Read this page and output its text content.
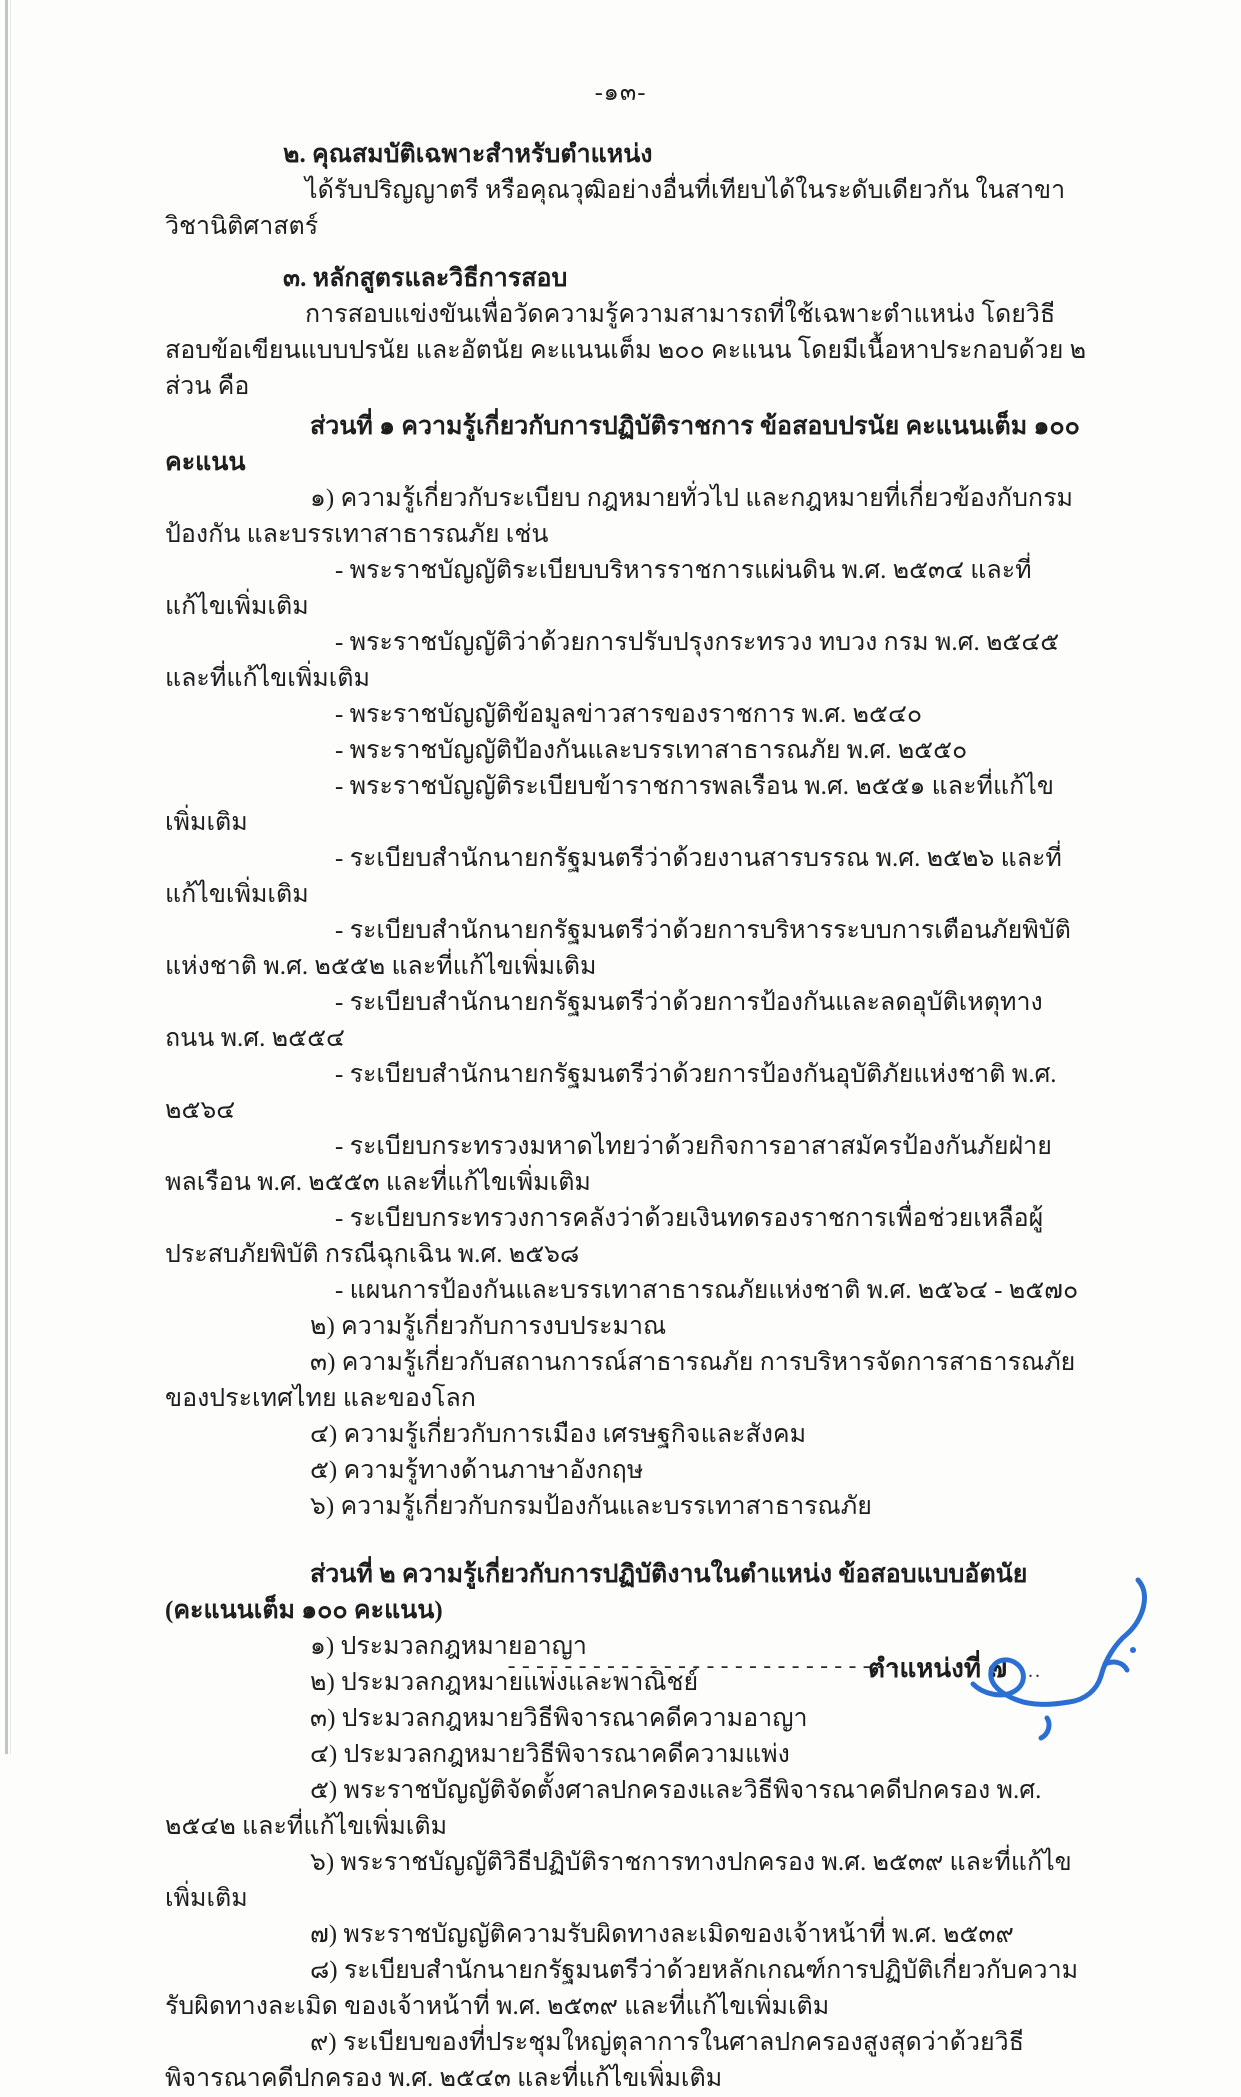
-๑๓-

๒. คุณสมบัติเฉพาะสำหรับตำแหน่ง

ได้รับปริญญาตรี หรือคุณวุฒิอย่างอื่นที่เทียบได้ในระดับเดียวกัน ในสาขาวิชานิติศาสตร์

๓. หลักสูตรและวิธีการสอบ

การสอบแข่งขันเพื่อวัดความรู้ความสามารถที่ใช้เฉพาะตำแหน่ง โดยวิธีสอบข้อเขียนแบบปรนัย และอัตนัย คะแนนเต็ม ๒๐๐ คะแนน โดยมีเนื้อหาประกอบด้วย ๒ ส่วน คือ

ส่วนที่ ๑ ความรู้เกี่ยวกับการปฏิบัติราชการ ข้อสอบปรนัย คะแนนเต็ม ๑๐๐ คะแนน

๑) ความรู้เกี่ยวกับระเบียบ กฎหมายทั่วไป และกฎหมายที่เกี่ยวข้องกับกรมป้องกัน และบรรเทาสาธารณภัย เช่น

- พระราชบัญญัติระเบียบบริหารราชการแผ่นดิน พ.ศ. ๒๕๓๔ และที่แก้ไขเพิ่มเติม

- พระราชบัญญัติว่าด้วยการปรับปรุงกระทรวง ทบวง กรม พ.ศ. ๒๕๔๕ และที่แก้ไขเพิ่มเติม

- พระราชบัญญัติข้อมูลข่าวสารของราชการ พ.ศ. ๒๕๔๐

- พระราชบัญญัติป้องกันและบรรเทาสาธารณภัย พ.ศ. ๒๕๕๐

- พระราชบัญญัติระเบียบข้าราชการพลเรือน พ.ศ. ๒๕๕๑ และที่แก้ไขเพิ่มเติม

- ระเบียบสำนักนายกรัฐมนตรีว่าด้วยงานสารบรรณ พ.ศ. ๒๕๒๖ และที่แก้ไขเพิ่มเติม

- ระเบียบสำนักนายกรัฐมนตรีว่าด้วยการบริหารระบบการเตือนภัยพิบัติแห่งชาติ พ.ศ. ๒๕๕๒ และที่แก้ไขเพิ่มเติม

- ระเบียบสำนักนายกรัฐมนตรีว่าด้วยการป้องกันและลดอุบัติเหตุทางถนน พ.ศ. ๒๕๕๔

- ระเบียบสำนักนายกรัฐมนตรีว่าด้วยการป้องกันอุบัติภัยแห่งชาติ พ.ศ. ๒๕๖๔

- ระเบียบกระทรวงมหาดไทยว่าด้วยกิจการอาสาสมัครป้องกันภัยฝ่ายพลเรือน พ.ศ. ๒๕๕๓ และที่แก้ไขเพิ่มเติม

- ระเบียบกระทรวงการคลังว่าด้วยเงินทดรองราชการเพื่อช่วยเหลือผู้ประสบภัยพิบัติ กรณีฉุกเฉิน พ.ศ. ๒๕๖๘

- แผนการป้องกันและบรรเทาสาธารณภัยแห่งชาติ พ.ศ. ๒๕๖๔ - ๒๕๗๐

๒) ความรู้เกี่ยวกับการงบประมาณ

๓) ความรู้เกี่ยวกับสถานการณ์สาธารณภัย การบริหารจัดการสาธารณภัยของประเทศไทย และของโลก

๔) ความรู้เกี่ยวกับการเมือง เศรษฐกิจและสังคม

๕) ความรู้ทางด้านภาษาอังกฤษ

๖) ความรู้เกี่ยวกับกรมป้องกันและบรรเทาสาธารณภัย

ส่วนที่ ๒ ความรู้เกี่ยวกับการปฏิบัติงานในตำแหน่ง ข้อสอบแบบอัตนัย (คะแนนเต็ม ๑๐๐ คะแนน)

๑) ประมวลกฎหมายอาญา

๒) ประมวลกฎหมายแพ่งและพาณิชย์

๓) ประมวลกฎหมายวิธีพิจารณาคดีความอาญา

๔) ประมวลกฎหมายวิธีพิจารณาคดีความแพ่ง

๕) พระราชบัญญัติจัดตั้งศาลปกครองและวิธีพิจารณาคดีปกครอง พ.ศ. ๒๕๔๒ และที่แก้ไขเพิ่มเติม

๖) พระราชบัญญัติวิธีปฏิบัติราชการทางปกครอง พ.ศ. ๒๕๓๙ และที่แก้ไขเพิ่มเติม

๗) พระราชบัญญัติความรับผิดทางละเมิดของเจ้าหน้าที่ พ.ศ. ๒๕๓๙

๘) ระเบียบสำนักนายกรัฐมนตรีว่าด้วยหลักเกณฑ์การปฏิบัติเกี่ยวกับความรับผิดทางละเมิด ของเจ้าหน้าที่ พ.ศ. ๒๕๓๙ และที่แก้ไขเพิ่มเติม

๙) ระเบียบของที่ประชุมใหญ่ตุลาการในศาลปกครองสูงสุดว่าด้วยวิธีพิจารณาคดีปกครอง พ.ศ. ๒๕๔๓ และที่แก้ไขเพิ่มเติม

----------------------------
ตำแหน่งที่ ๗ ...
